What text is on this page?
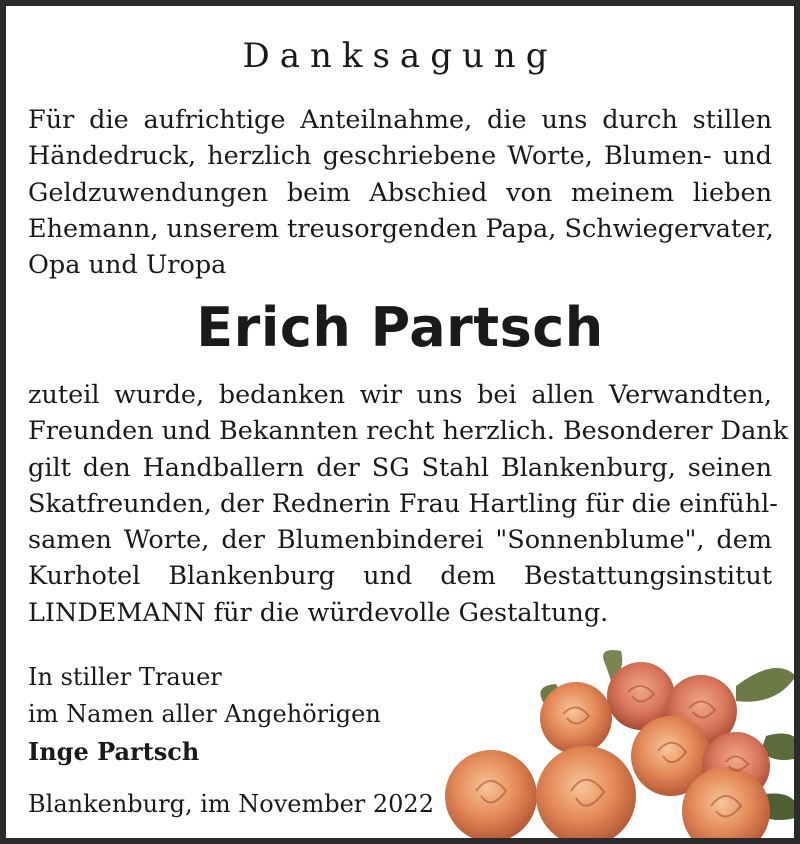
Danksagung
Für die aufrichtige Anteilnahme, die uns durch stillen
Händedruck, herzlich geschriebene Worte, Blumen- und
Geldzuwendungen beim Abschied von meinem lieben
Ehemann, unserem treusorgenden Papa, Schwiegervater,
Opa und Uropa
Erich Partsch
zuteil wurde, bedanken wir uns bei allen Verwandten,
Freunden und Bekannten recht herzlich. Besonderer Dank
gilt den Handballern der SG Stahl Blankenburg, seinen
Skatfreunden, der Rednerin Frau Hartling für die einfühl-
samen Worte, der Blumenbinderei "Sonnenblume", dem
Kurhotel Blankenburg und dem Bestattungsinstitut
LINDEMANN für die würdevolle Gestaltung.
In stiller Trauer
im Namen aller Angehörigen
Inge Partsch
Blankenburg, im November 2022
